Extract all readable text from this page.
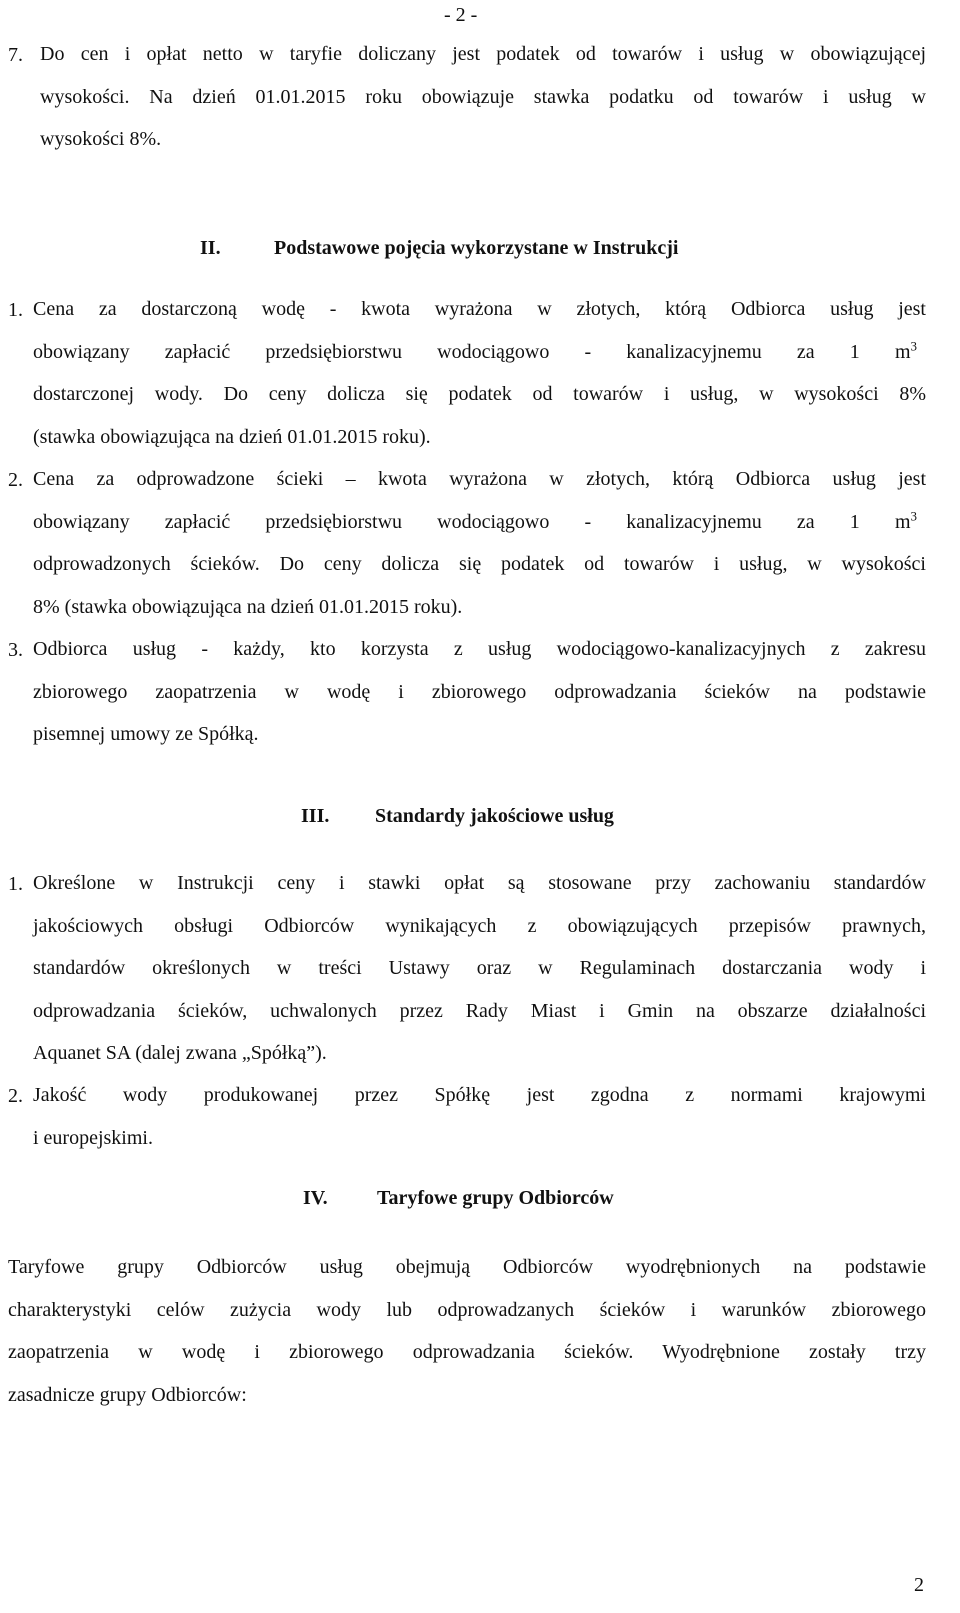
- 2 -
7. Do cen i opłat netto w taryfie doliczany jest podatek od towarów i usług w obowiązującej
wysokości. Na dzień 01.01.2015 roku obowiązuje stawka podatku od towarów i usług w
wysokości 8%.
II.	Podstawowe pojęcia wykorzystane w Instrukcji
1. Cena za dostarczoną wodę - kwota wyrażona w złotych, którą Odbiorca usług jest
obowiązany zapłacić przedsiębiorstwu wodociągowo - kanalizacyjnemu za 1 $m^3$
dostarczonej wody. Do ceny dolicza się podatek od towarów i usług, w wysokości 8%
(stawka obowiązująca na dzień 01.01.2015 roku).
2. Cena za odprowadzone ścieki – kwota wyrażona w złotych, którą Odbiorca usług jest
obowiązany zapłacić przedsiębiorstwu wodociągowo - kanalizacyjnemu za 1 $m^3$
odprowadzonych ścieków. Do ceny dolicza się podatek od towarów i usług, w wysokości
8% (stawka obowiązująca na dzień 01.01.2015 roku).
3. Odbiorca usług - każdy, kto korzysta z usług wodociągowo-kanalizacyjnych z zakresu
zbiorowego zaopatrzenia w wodę i zbiorowego odprowadzania ścieków na podstawie
pisemnej umowy ze Spółką.
III. Standardy jakościowe usług
1. Określone w Instrukcji ceny i stawki opłat są stosowane przy zachowaniu standardów
jakościowych obsługi Odbiorców wynikających z obowiązujących przepisów prawnych,
standardów określonych w treści Ustawy oraz w Regulaminach dostarczania wody i
odprowadzania ścieków, uchwalonych przez Rady Miast i Gmin na obszarze działalności
Aquanet SA (dalej zwana „Spółką”).
2. Jakość wody produkowanej przez Spółkę jest zgodna z normami krajowymi
i europejskimi.
IV. Taryfowe grupy Odbiorców
Taryfowe grupy Odbiorców usług obejmują Odbiorców wyodrębnionych na podstawie
charakterystyki celów zużycia wody lub odprowadzanych ścieków i warunków zbiorowego
zaopatrzenia w wodę i zbiorowego odprowadzania ścieków. Wyodrębnione zostały trzy
zasadnicze grupy Odbiorców:
2
